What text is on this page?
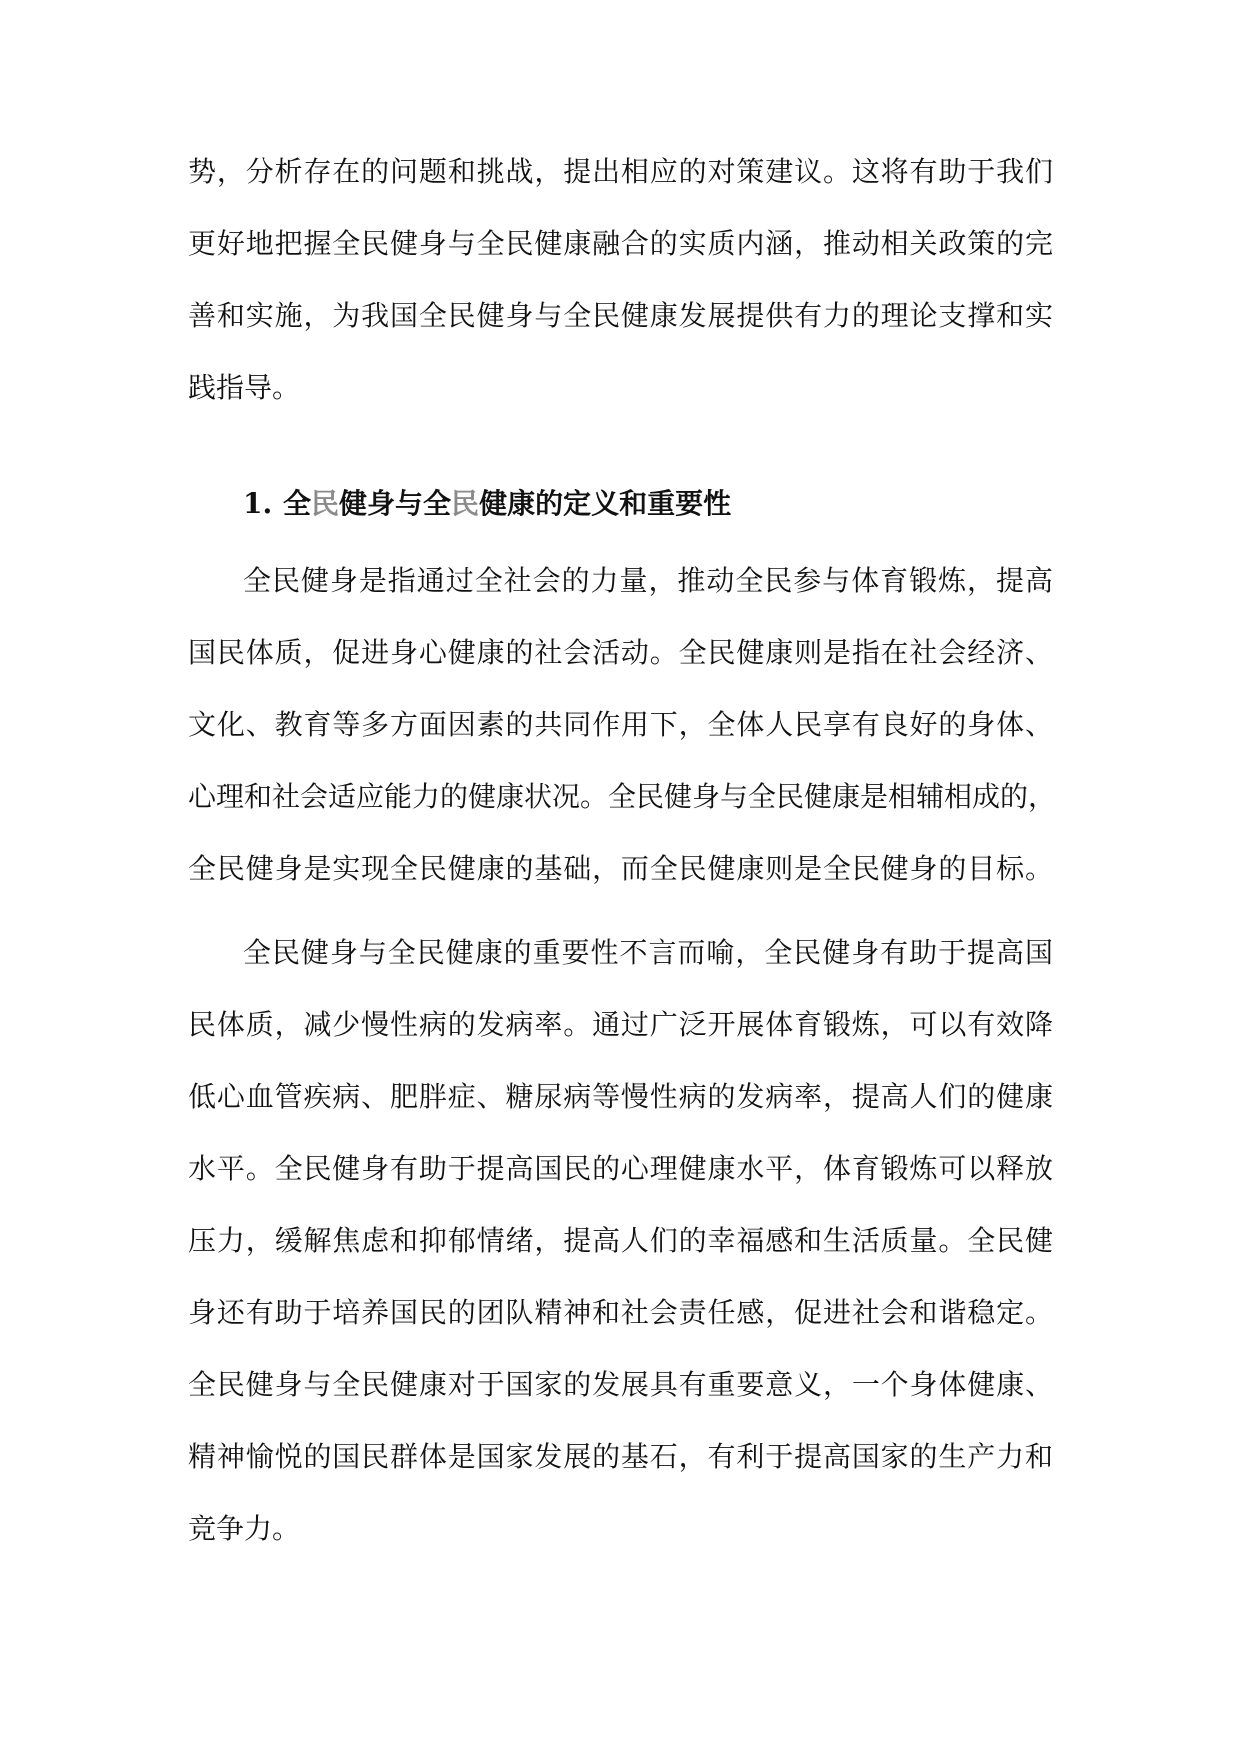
势，分析存在的问题和挑战，提出相应的对策建议。这将有助于我们

更好地把握全民健身与全民健康融合的实质内涵，推动相关政策的完

善和实施，为我国全民健身与全民健康发展提供有力的理论支撑和实

践指导。

1. 全民健身与全民健康的定义和重要性

全民健身是指通过全社会的力量，推动全民参与体育锻炼，提高

国民体质，促进身心健康的社会活动。全民健康则是指在社会经济、

文化、教育等多方面因素的共同作用下，全体人民享有良好的身体、

心理和社会适应能力的健康状况。全民健身与全民健康是相辅相成的，

全民健身是实现全民健康的基础，而全民健康则是全民健身的目标。

全民健身与全民健康的重要性不言而喻，全民健身有助于提高国

民体质，减少慢性病的发病率。通过广泛开展体育锻炼，可以有效降

低心血管疾病、肥胖症、糖尿病等慢性病的发病率，提高人们的健康

水平。全民健身有助于提高国民的心理健康水平，体育锻炼可以释放

压力，缓解焦虑和抑郁情绪，提高人们的幸福感和生活质量。全民健

身还有助于培养国民的团队精神和社会责任感，促进社会和谐稳定。

全民健身与全民健康对于国家的发展具有重要意义，一个身体健康、

精神愉悦的国民群体是国家发展的基石，有利于提高国家的生产力和

竞争力。
